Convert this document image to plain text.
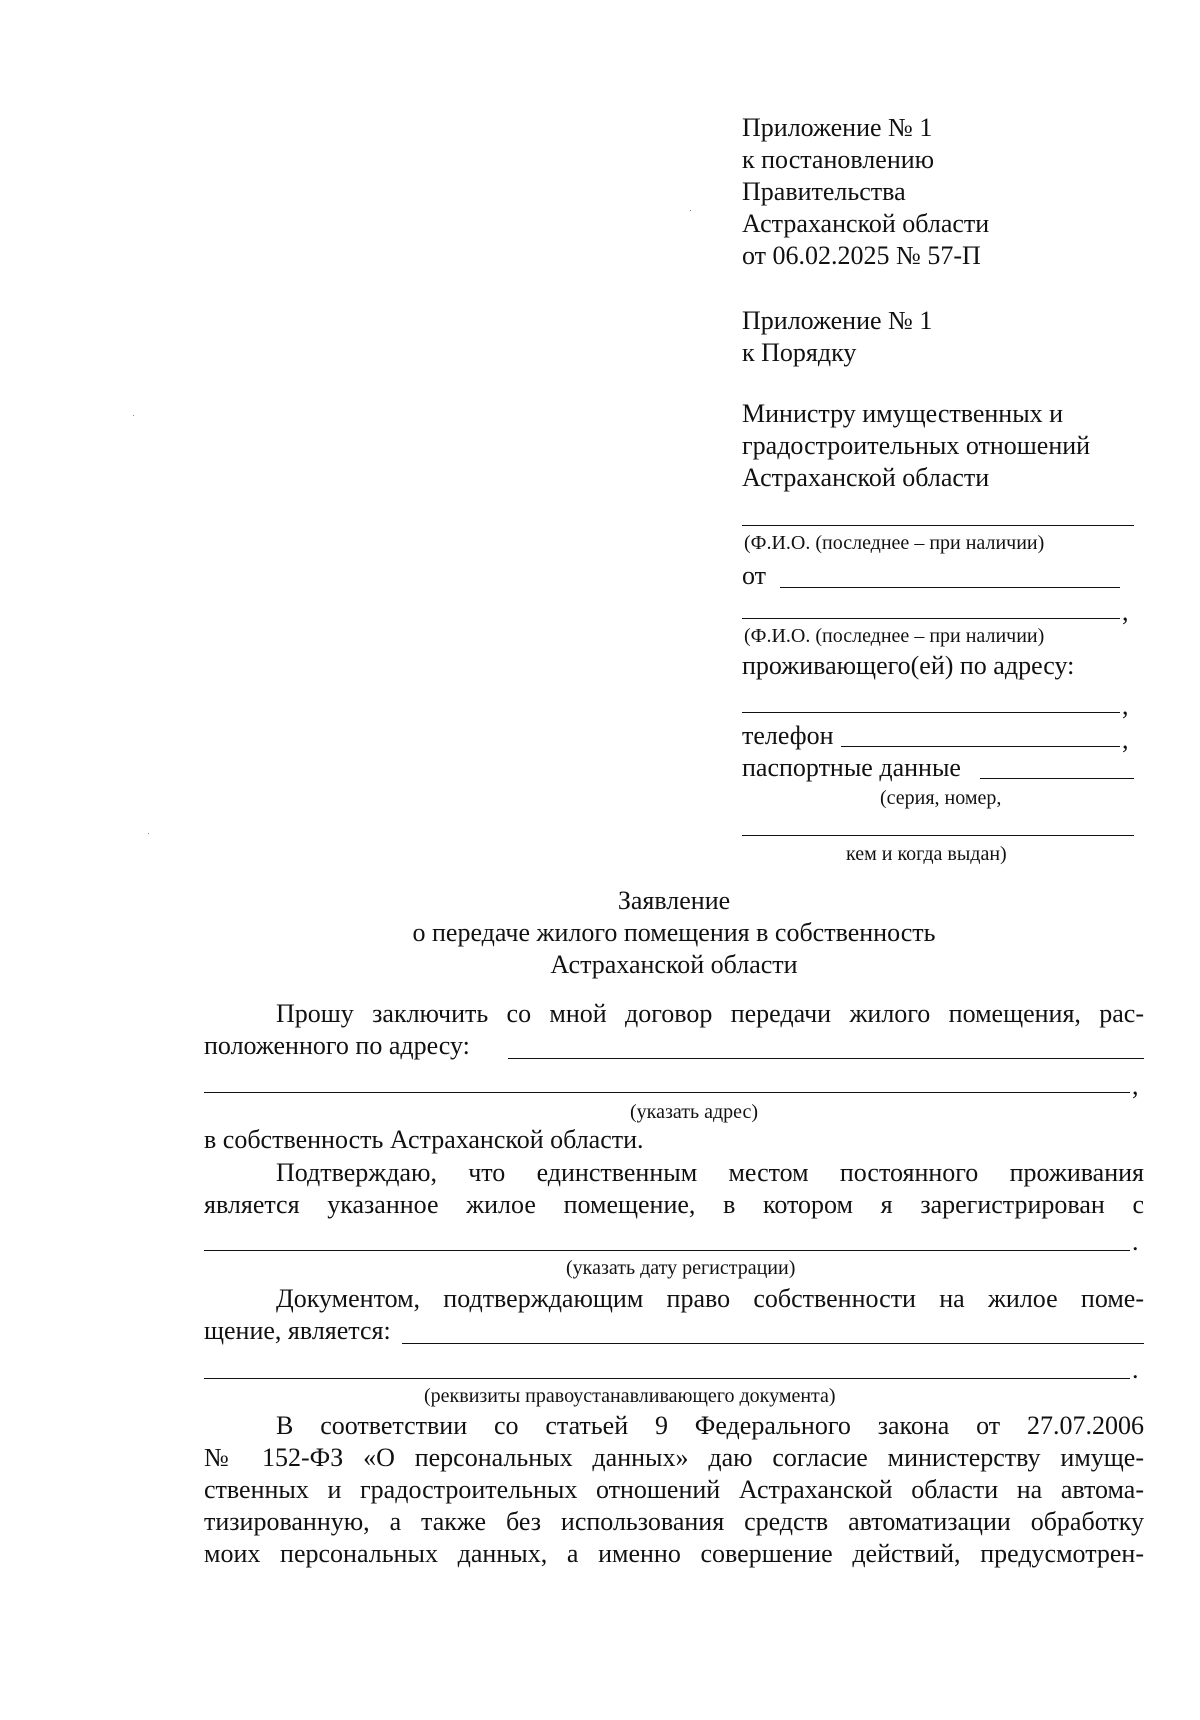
Приложение № 1
к постановлению
Правительства
Астраханской области
от 06.02.2025 № 57-П
Приложение № 1
к Порядку
Министру имущественных и
градостроительных отношений
Астраханской области
(Ф.И.О. (последнее – при наличии)
от
,
(Ф.И.О. (последнее – при наличии)
проживающего(ей) по адресу:
,
телефон	,
паспортные данные
(серия, номер,
кем и когда выдан)
Заявление
о передаче жилого помещения в собственность
Астраханской области
Прошу заключить со мной договор передачи жилого помещения, рас-
положенного по адресу:
,
(указать адрес)
в собственность Астраханской области.
Подтверждаю, что единственным местом постоянного проживания
является указанное жилое помещение, в котором я зарегистрирован с
.
(указать дату регистрации)
Документом, подтверждающим право собственности на жилое поме-
щение, является:
.
(реквизиты правоустанавливающего документа)
В соответствии со статьей 9 Федерального закона от 27.07.2006
№ 152-ФЗ «О персональных данных» даю согласие министерству имуще-
ственных и градостроительных отношений Астраханской области на автома-
тизированную, а также без использования средств автоматизации обработку
моих персональных данных, а именно совершение действий, предусмотрен-
